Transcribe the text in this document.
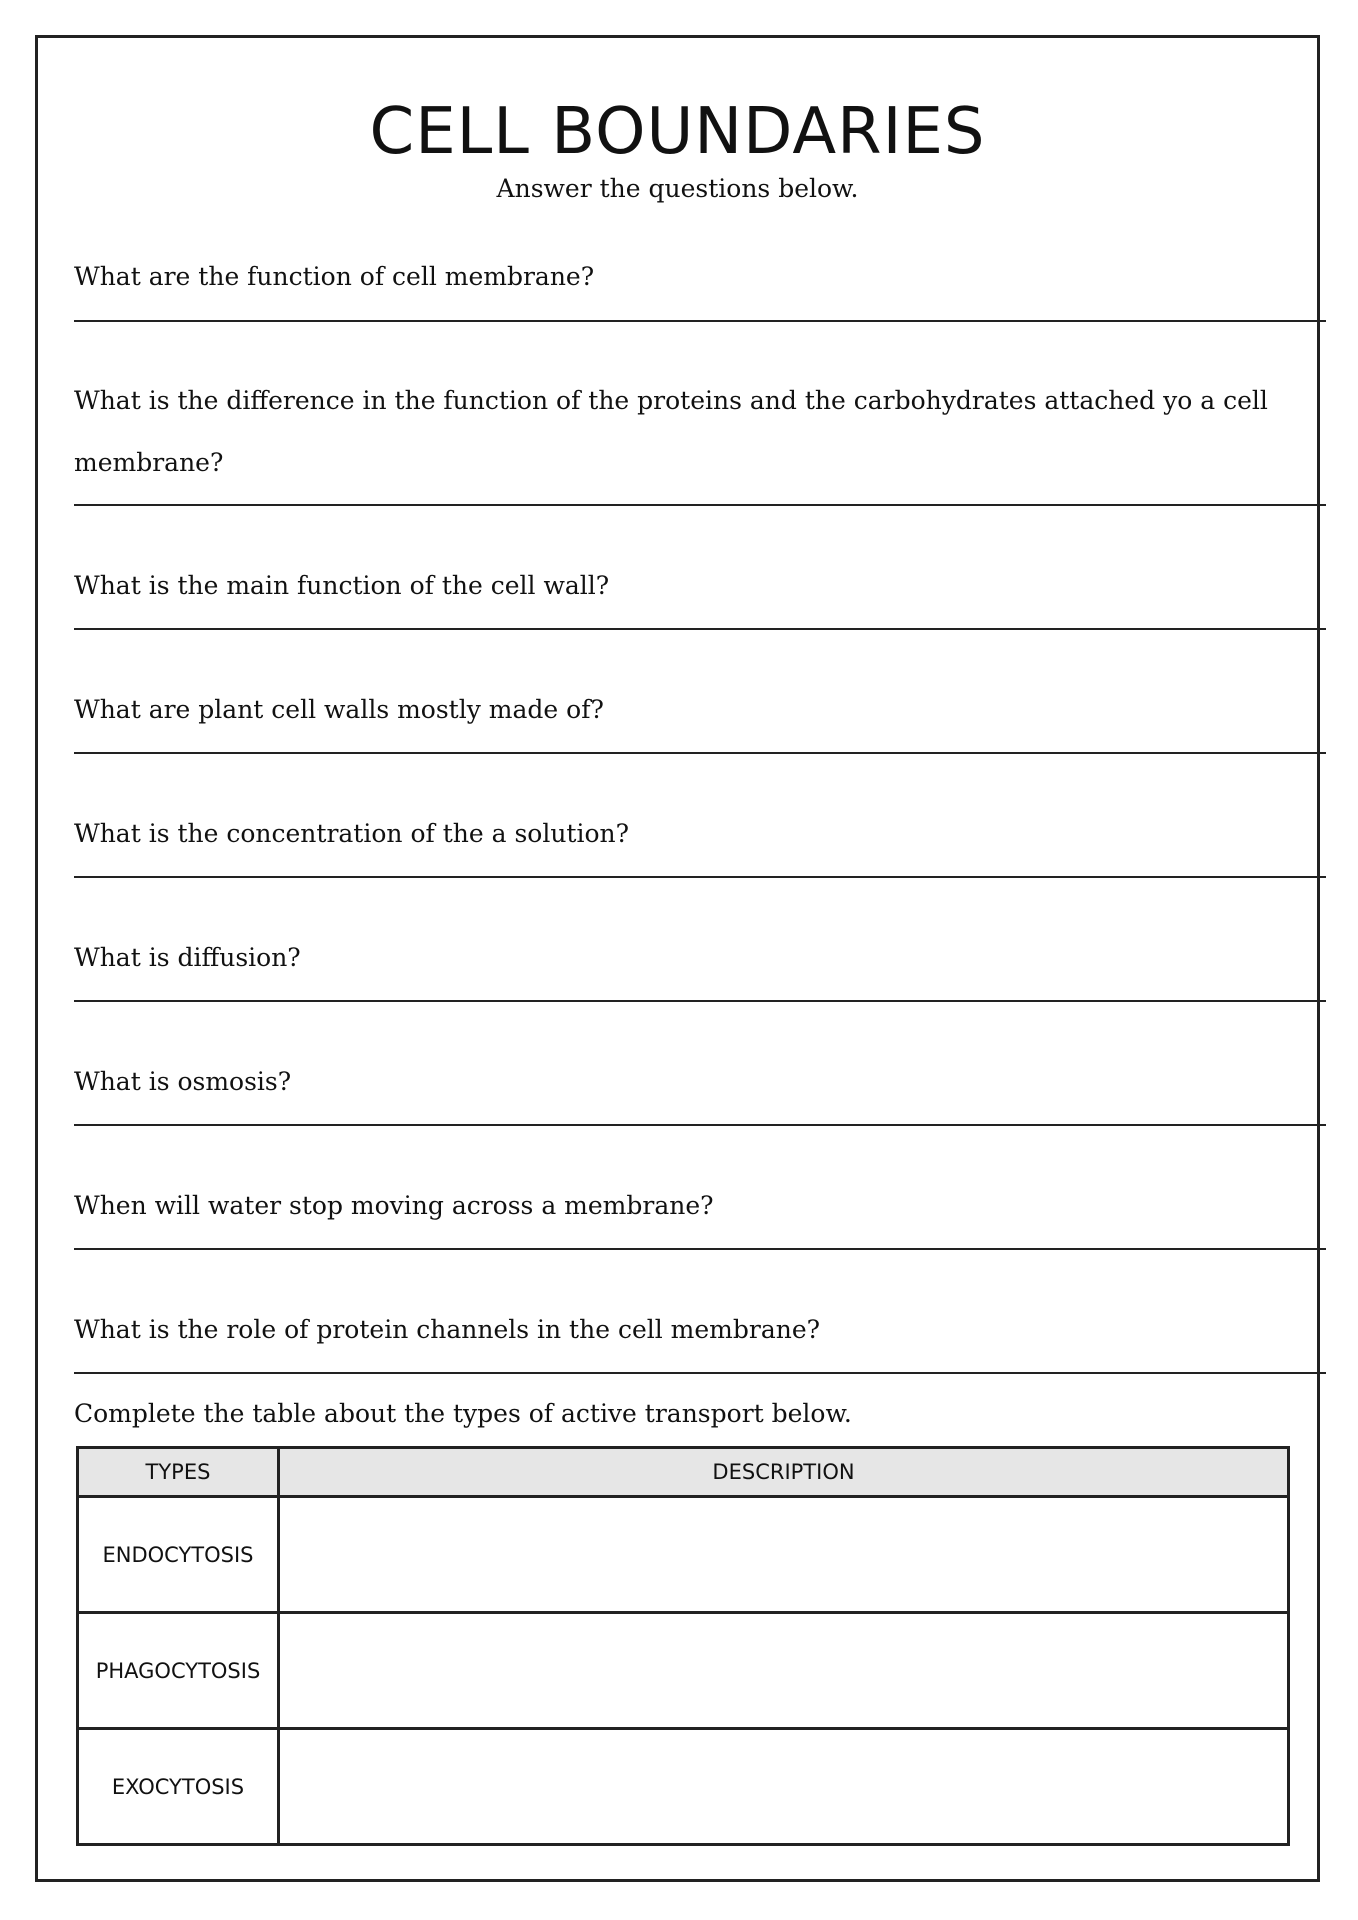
CELL BOUNDARIES
Answer the questions below.

What are the function of cell membrane?

What is the difference in the function of the proteins and the carbohydrates attached yo a cell membrane?

What is the main function of the cell wall?

What are plant cell walls mostly made of?

What is the concentration of the a solution?

What is diffusion?

What is osmosis?

When will water stop moving across a membrane?

What is the role of protein channels in the cell membrane?

Complete the table about the types of active transport below.

TYPES	DESCRIPTION
ENDOCYTOSIS	
PHAGOCYTOSIS	
EXOCYTOSIS	
